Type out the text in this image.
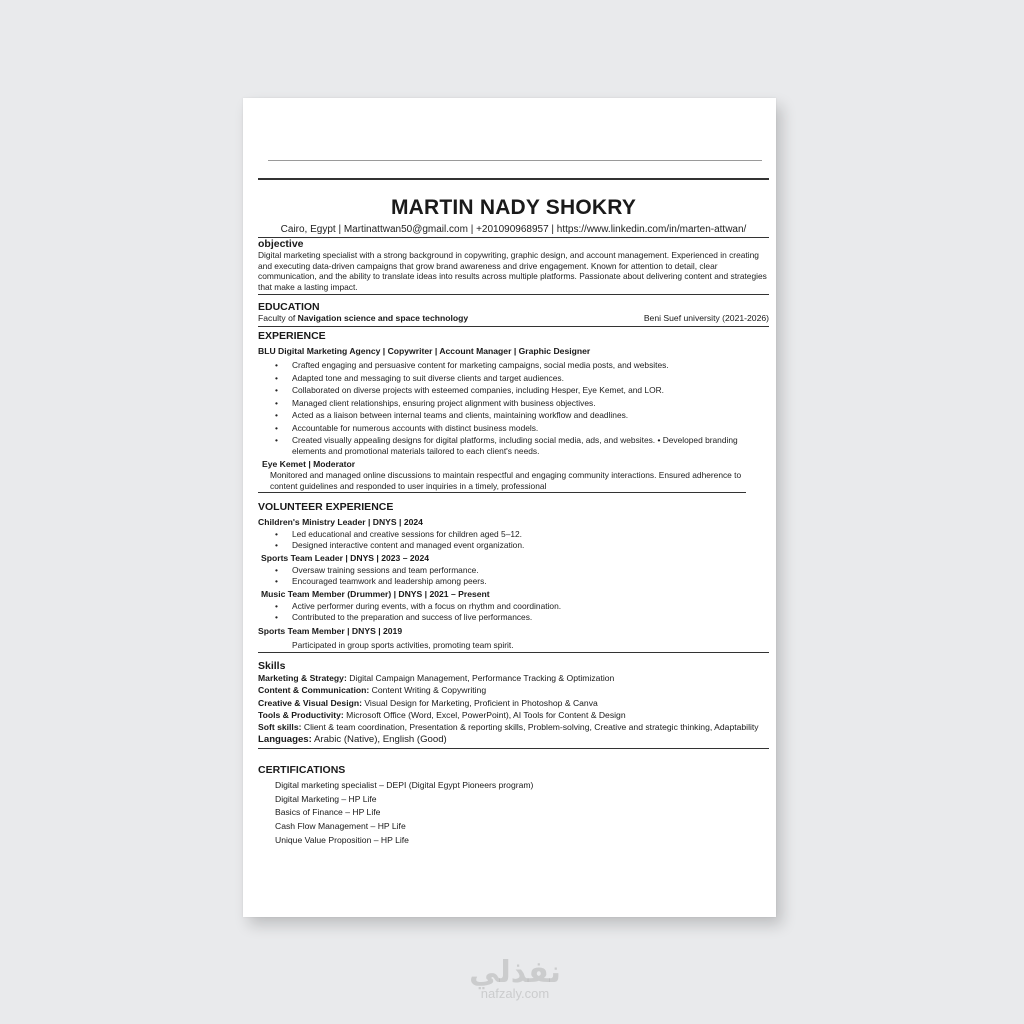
MARTIN NADY SHOKRY
Cairo, Egypt | Martinattwan50@gmail.com | +201090968957 | https://www.linkedin.com/in/marten-attwan/
objective
Digital marketing specialist with a strong background in copywriting, graphic design, and account management. Experienced in creating and executing data-driven campaigns that grow brand awareness and drive engagement. Known for attention to detail, clear communication, and the ability to translate ideas into results across multiple platforms. Passionate about delivering content and strategies that make a lasting impact.
EDUCATION
Faculty of Navigation science and space technology	Beni Suef university (2021-2026)
EXPERIENCE
BLU Digital Marketing Agency | Copywriter | Account Manager | Graphic Designer
• Crafted engaging and persuasive content for marketing campaigns, social media posts, and websites.
• Adapted tone and messaging to suit diverse clients and target audiences.
• Collaborated on diverse projects with esteemed companies, including Hesper, Eye Kemet, and LOR.
• Managed client relationships, ensuring project alignment with business objectives.
• Acted as a liaison between internal teams and clients, maintaining workflow and deadlines.
• Accountable for numerous accounts with distinct business models.
• Created visually appealing designs for digital platforms, including social media, ads, and websites. • Developed branding elements and promotional materials tailored to each client's needs.
Eye Kemet | Moderator
Monitored and managed online discussions to maintain respectful and engaging community interactions. Ensured adherence to content guidelines and responded to user inquiries in a timely, professional
VOLUNTEER EXPERIENCE
Children's Ministry Leader | DNYS | 2024
• Led educational and creative sessions for children aged 5–12.
• Designed interactive content and managed event organization.
Sports Team Leader | DNYS | 2023 – 2024
• Oversaw training sessions and team performance.
• Encouraged teamwork and leadership among peers.
Music Team Member (Drummer) | DNYS | 2021 – Present
• Active performer during events, with a focus on rhythm and coordination.
• Contributed to the preparation and success of live performances.
Sports Team Member | DNYS | 2019
Participated in group sports activities, promoting team spirit.
Skills
Marketing & Strategy: Digital Campaign Management, Performance Tracking & Optimization
Content & Communication: Content Writing & Copywriting
Creative & Visual Design: Visual Design for Marketing, Proficient in Photoshop & Canva
Tools & Productivity: Microsoft Office (Word, Excel, PowerPoint), AI Tools for Content & Design
Soft skills: Client & team coordination, Presentation & reporting skills, Problem-solving, Creative and strategic thinking, Adaptability
Languages: Arabic (Native), English (Good)
CERTIFICATIONS
Digital marketing specialist – DEPI (Digital Egypt Pioneers program)
Digital Marketing – HP Life
Basics of Finance – HP Life
Cash Flow Management – HP Life
Unique Value Proposition – HP Life
نفذلي
nafzaly.com
